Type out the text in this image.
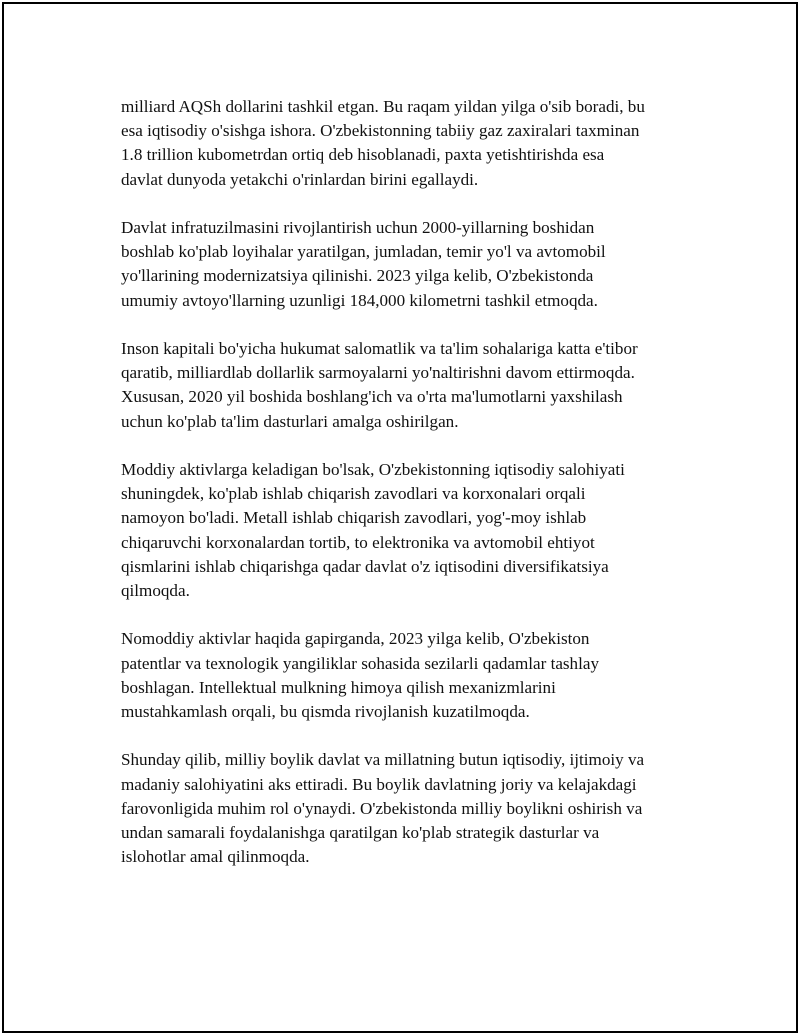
milliard AQSh dollarini tashkil etgan. Bu raqam yildan yilga o'sib boradi, bu
esa iqtisodiy o'sishga ishora. O'zbekistonning tabiiy gaz zaxiralari taxminan
1.8 trillion kubometrdan ortiq deb hisoblanadi, paxta yetishtirishda esa
davlat dunyoda yetakchi o'rinlardan birini egallaydi.

Davlat infratuzilmasini rivojlantirish uchun 2000-yillarning boshidan
boshlab ko'plab loyihalar yaratilgan, jumladan, temir yo'l va avtomobil
yo'llarining modernizatsiya qilinishi. 2023 yilga kelib, O'zbekistonda
umumiy avtoyo'llarning uzunligi 184,000 kilometrni tashkil etmoqda.

Inson kapitali bo'yicha hukumat salomatlik va ta'lim sohalariga katta e'tibor
qaratib, milliardlab dollarlik sarmoyalarni yo'naltirishni davom ettirmoqda.
Xususan, 2020 yil boshida boshlang'ich va o'rta ma'lumotlarni yaxshilash
uchun ko'plab ta'lim dasturlari amalga oshirilgan.

Moddiy aktivlarga keladigan bo'lsak, O'zbekistonning iqtisodiy salohiyati
shuningdek, ko'plab ishlab chiqarish zavodlari va korxonalari orqali
namoyon bo'ladi. Metall ishlab chiqarish zavodlari, yog'-moy ishlab
chiqaruvchi korxonalardan tortib, to elektronika va avtomobil ehtiyot
qismlarini ishlab chiqarishga qadar davlat o'z iqtisodini diversifikatsiya
qilmoqda.

Nomoddiy aktivlar haqida gapirganda, 2023 yilga kelib, O'zbekiston
patentlar va texnologik yangiliklar sohasida sezilarli qadamlar tashlay
boshlagan. Intellektual mulkning himoya qilish mexanizmlarini
mustahkamlash orqali, bu qismda rivojlanish kuzatilmoqda.

Shunday qilib, milliy boylik davlat va millatning butun iqtisodiy, ijtimoiy va
madaniy salohiyatini aks ettiradi. Bu boylik davlatning joriy va kelajakdagi
farovonligida muhim rol o'ynaydi. O'zbekistonda milliy boylikni oshirish va
undan samarali foydalanishga qaratilgan ko'plab strategik dasturlar va
islohotlar amal qilinmoqda.
